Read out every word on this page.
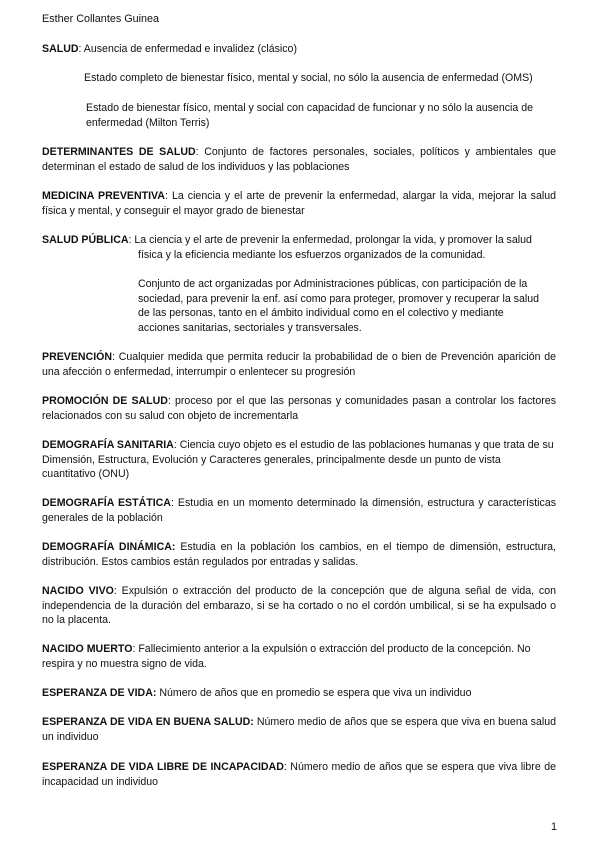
Esther Collantes Guinea
SALUD: Ausencia de enfermedad e invalidez (clásico)
Estado completo de bienestar físico, mental y social, no sólo la ausencia de enfermedad (OMS)
Estado de bienestar físico, mental y social con capacidad de funcionar y no sólo la ausencia de enfermedad (Milton Terris)
DETERMINANTES DE SALUD: Conjunto de factores personales, sociales, políticos y ambientales que determinan el estado de salud de los individuos y las poblaciones
MEDICINA PREVENTIVA: La ciencia y el arte de prevenir la enfermedad, alargar la vida, mejorar la salud física y mental, y conseguir el mayor grado de bienestar
SALUD PÚBLICA: La ciencia y el arte de prevenir la enfermedad, prolongar la vida, y promover la salud
física y la eficiencia mediante los esfuerzos organizados de la comunidad.
Conjunto de act organizadas por Administraciones públicas, con participación de la sociedad, para prevenir la enf. así como para proteger, promover y recuperar la salud de las personas, tanto en el ámbito individual como en el colectivo y mediante acciones sanitarias, sectoriales y transversales.
PREVENCIÓN: Cualquier medida que permita reducir la probabilidad de o bien de Prevención aparición de una afección o enfermedad, interrumpir o enlentecer su progresión
PROMOCIÓN DE SALUD: proceso por el que las personas y comunidades pasan a controlar los factores relacionados con su salud con objeto de incrementarla
DEMOGRAFÍA SANITARIA: Ciencia cuyo objeto es el estudio de las poblaciones humanas y que trata de su Dimensión, Estructura, Evolución y Caracteres generales, principalmente desde un punto de vista cuantitativo (ONU)
DEMOGRAFÍA ESTÁTICA: Estudia en un momento determinado la dimensión, estructura y características generales de la población
DEMOGRAFÍA DINÁMICA: Estudia en la población los cambios, en el tiempo de dimensión, estructura, distribución. Estos cambios están regulados por entradas y salidas.
NACIDO VIVO: Expulsión o extracción del producto de la concepción que de alguna señal de vida, con independencia de la duración del embarazo, si se ha cortado o no el cordón umbilical, si se ha expulsado o no la placenta.
NACIDO MUERTO: Fallecimiento anterior a la expulsión o extracción del producto de la concepción. No respira y no muestra signo de vida.
ESPERANZA DE VIDA: Número de años que en promedio se espera que viva un individuo
ESPERANZA DE VIDA EN BUENA SALUD: Número medio de años que se espera que viva en buena salud un individuo
ESPERANZA DE VIDA LIBRE DE INCAPACIDAD: Número medio de años que se espera que viva libre de incapacidad un individuo
1
